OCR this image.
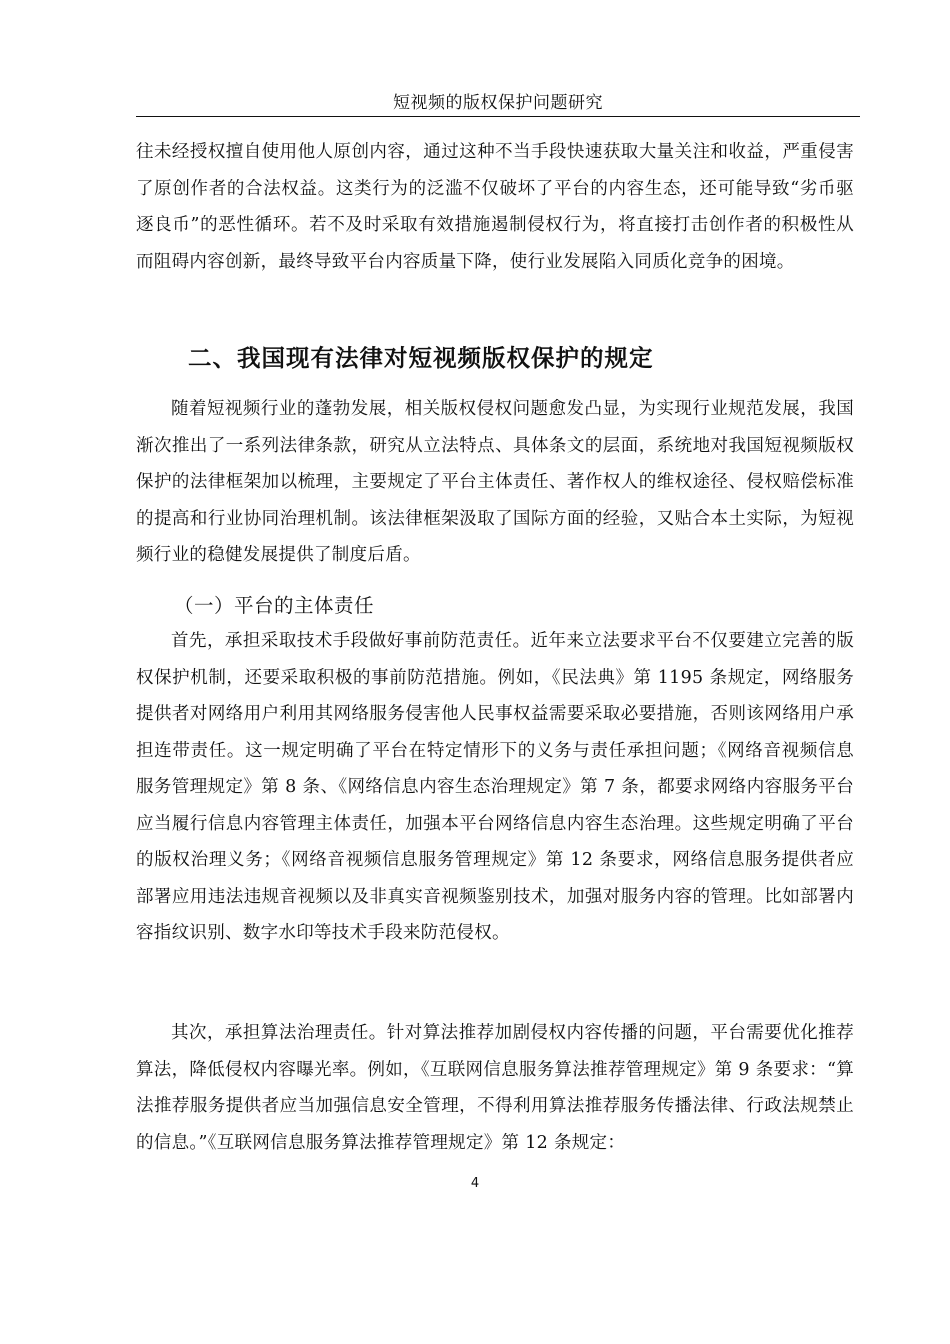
短视频的版权保护问题研究

往未经授权擅自使用他人原创内容，通过这种不当手段快速获取大量关注和收益，严重侵害了原创作者的合法权益。这类行为的泛滥不仅破坏了平台的内容生态，还可能导致“劣币驱逐良币”的恶性循环。若不及时采取有效措施遏制侵权行为，将直接打击创作者的积极性从而阻碍内容创新，最终导致平台内容质量下降，使行业发展陷入同质化竞争的困境。

二、我国现有法律对短视频版权保护的规定

随着短视频行业的蓬勃发展，相关版权侵权问题愈发凸显，为实现行业规范发展，我国渐次推出了一系列法律条款，研究从立法特点、具体条文的层面，系统地对我国短视频版权保护的法律框架加以梳理，主要规定了平台主体责任、著作权人的维权途径、侵权赔偿标准的提高和行业协同治理机制。该法律框架汲取了国际方面的经验，又贴合本土实际，为短视频行业的稳健发展提供了制度后盾。

（一）平台的主体责任

首先，承担采取技术手段做好事前防范责任。近年来立法要求平台不仅要建立完善的版权保护机制，还要采取积极的事前防范措施。例如，《民法典》第 1195 条规定，网络服务提供者对网络用户利用其网络服务侵害他人民事权益需要采取必要措施，否则该网络用户承担连带责任。这一规定明确了平台在特定情形下的义务与责任承担问题；《网络音视频信息服务管理规定》第 8 条、《网络信息内容生态治理规定》第 7 条，都要求网络内容服务平台应当履行信息内容管理主体责任，加强本平台网络信息内容生态治理。这些规定明确了平台的版权治理义务；《网络音视频信息服务管理规定》第 12 条要求，网络信息服务提供者应部署应用违法违规音视频以及非真实音视频鉴别技术，加强对服务内容的管理。比如部署内容指纹识别、数字水印等技术手段来防范侵权。

其次，承担算法治理责任。针对算法推荐加剧侵权内容传播的问题，平台需要优化推荐算法，降低侵权内容曝光率。例如，《互联网信息服务算法推荐管理规定》第 9 条要求：“算法推荐服务提供者应当加强信息安全管理，不得利用算法推荐服务传播法律、行政法规禁止的信息。”《互联网信息服务算法推荐管理规定》第 12 条规定：

4
